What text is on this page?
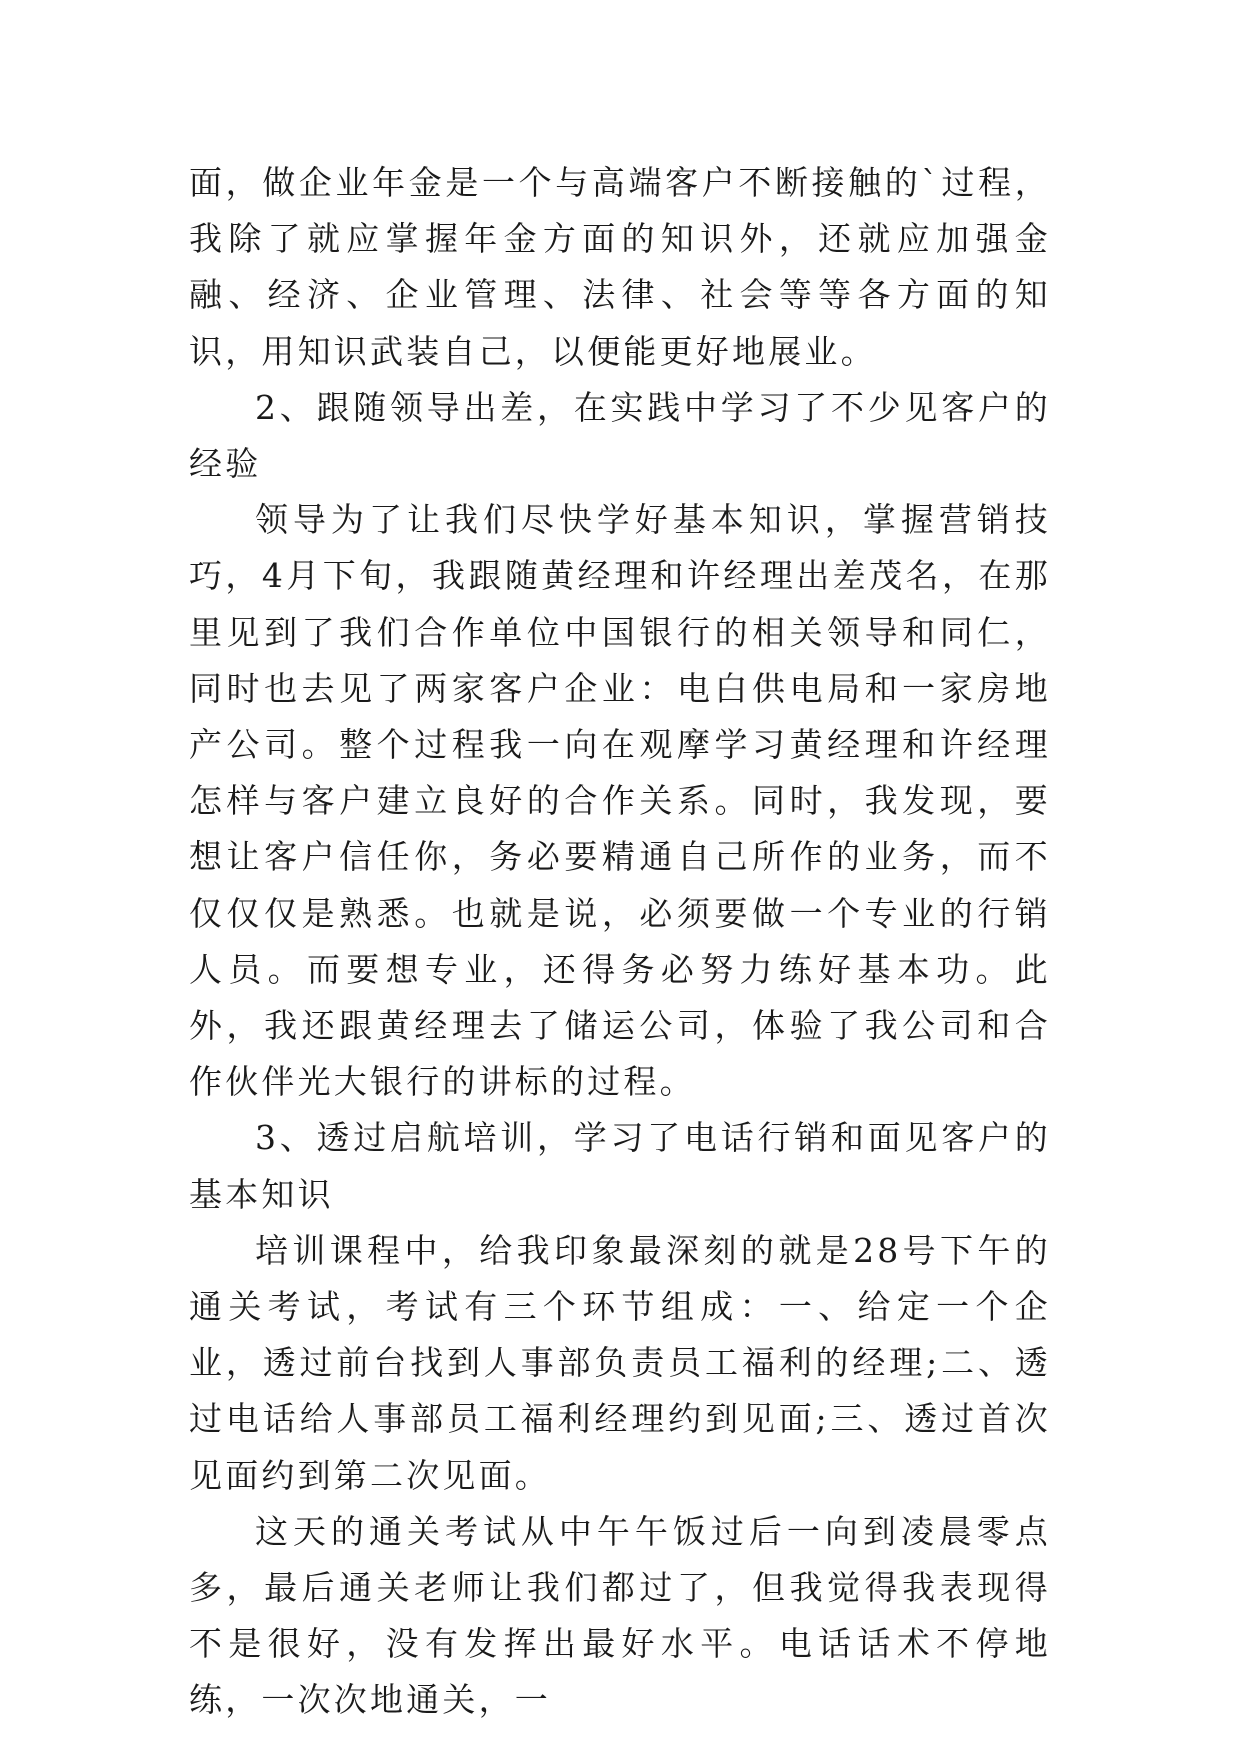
面，做企业年金是一个与高端客户不断接触的`过程，我除了就应掌握年金方面的知识外，还就应加强金融、经济、企业管理、法律、社会等等各方面的知识，用知识武装自己，以便能更好地展业。

2、跟随领导出差，在实践中学习了不少见客户的经验

领导为了让我们尽快学好基本知识，掌握营销技巧，4月下旬，我跟随黄经理和许经理出差茂名，在那里见到了我们合作单位中国银行的相关领导和同仁，同时也去见了两家客户企业：电白供电局和一家房地产公司。整个过程我一向在观摩学习黄经理和许经理怎样与客户建立良好的合作关系。同时，我发现，要想让客户信任你，务必要精通自己所作的业务，而不仅仅仅是熟悉。也就是说，必须要做一个专业的行销人员。而要想专业，还得务必努力练好基本功。此外，我还跟黄经理去了储运公司，体验了我公司和合作伙伴光大银行的讲标的过程。

3、透过启航培训，学习了电话行销和面见客户的基本知识

培训课程中，给我印象最深刻的就是28号下午的通关考试，考试有三个环节组成：一、给定一个企业，透过前台找到人事部负责员工福利的经理;二、透过电话给人事部员工福利经理约到见面;三、透过首次见面约到第二次见面。

这天的通关考试从中午午饭过后一向到凌晨零点多，最后通关老师让我们都过了，但我觉得我表现得不是很好，没有发挥出最好水平。电话话术不停地练，一次次地通关，一
